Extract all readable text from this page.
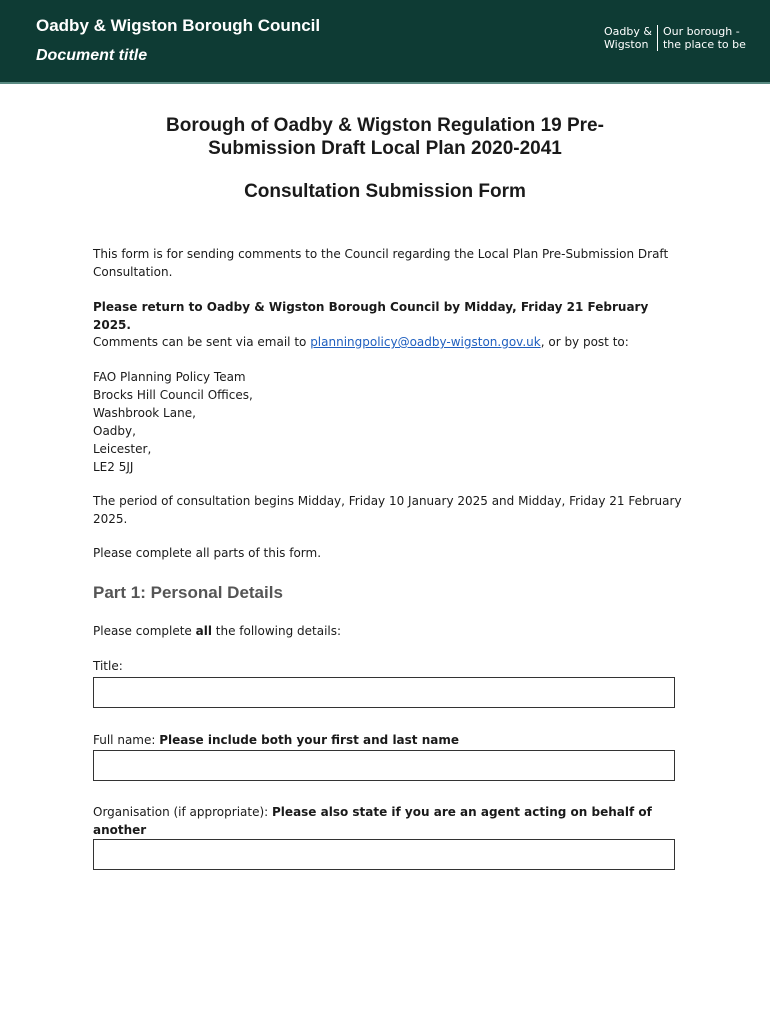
Oadby & Wigston Borough Council
Document title
Oadby &
Wigston
Our borough -
the place to be
Borough of Oadby & Wigston Regulation 19 Pre-
Submission Draft Local Plan 2020-2041
Consultation Submission Form
This form is for sending comments to the Council regarding the Local Plan Pre-Submission Draft
Consultation.
Please return to Oadby & Wigston Borough Council by Midday, Friday 21 February 2025.
Comments can be sent via email to planningpolicy@oadby-wigston.gov.uk, or by post to:
FAO Planning Policy Team
Brocks Hill Council Offices,
Washbrook Lane,
Oadby,
Leicester,
LE2 5JJ
The period of consultation begins Midday, Friday 10 January 2025 and Midday, Friday 21 February
2025.
Please complete all parts of this form.
Part 1: Personal Details
Please complete all the following details:
Title:
Full name: Please include both your first and last name
Organisation (if appropriate): Please also state if you are an agent acting on behalf of another
